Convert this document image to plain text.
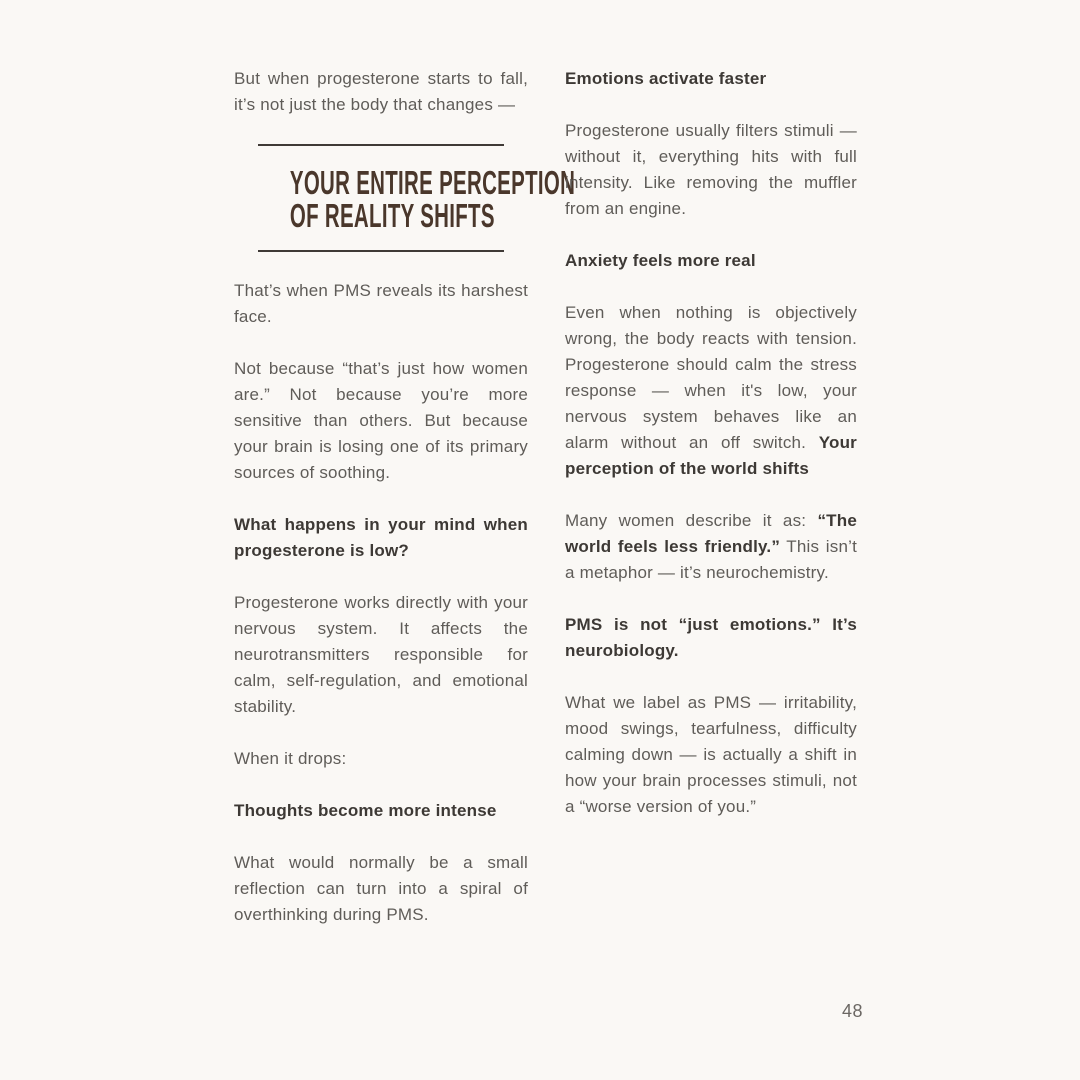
But when progesterone starts to fall, it’s not just the body that changes —
YOUR ENTIRE PERCEPTION
OF REALITY SHIFTS
That’s when PMS reveals its harshest face.
Not because “that’s just how women are.” Not because you’re more sensitive than others. But because your brain is losing one of its primary sources of soothing.
What happens in your mind when progesterone is low?
Progesterone works directly with your nervous system. It affects the neurotransmitters responsible for calm, self-regulation, and emotional stability.
When it drops:
Thoughts become more intense
What would normally be a small reflection can turn into a spiral of overthinking during PMS.
Emotions activate faster
Progesterone usually filters stimuli — without it, everything hits with full intensity. Like removing the muffler from an engine.
Anxiety feels more real
Even when nothing is objectively wrong, the body reacts with tension. Progesterone should calm the stress response — when it's low, your nervous system behaves like an alarm without an off switch. Your perception of the world shifts
Many women describe it as: “The world feels less friendly.” This isn’t a metaphor — it’s neurochemistry.
PMS is not “just emotions.” It’s neurobiology.
What we label as PMS — irritability, mood swings, tearfulness, difficulty calming down — is actually a shift in how your brain processes stimuli, not a “worse version of you.”
48
